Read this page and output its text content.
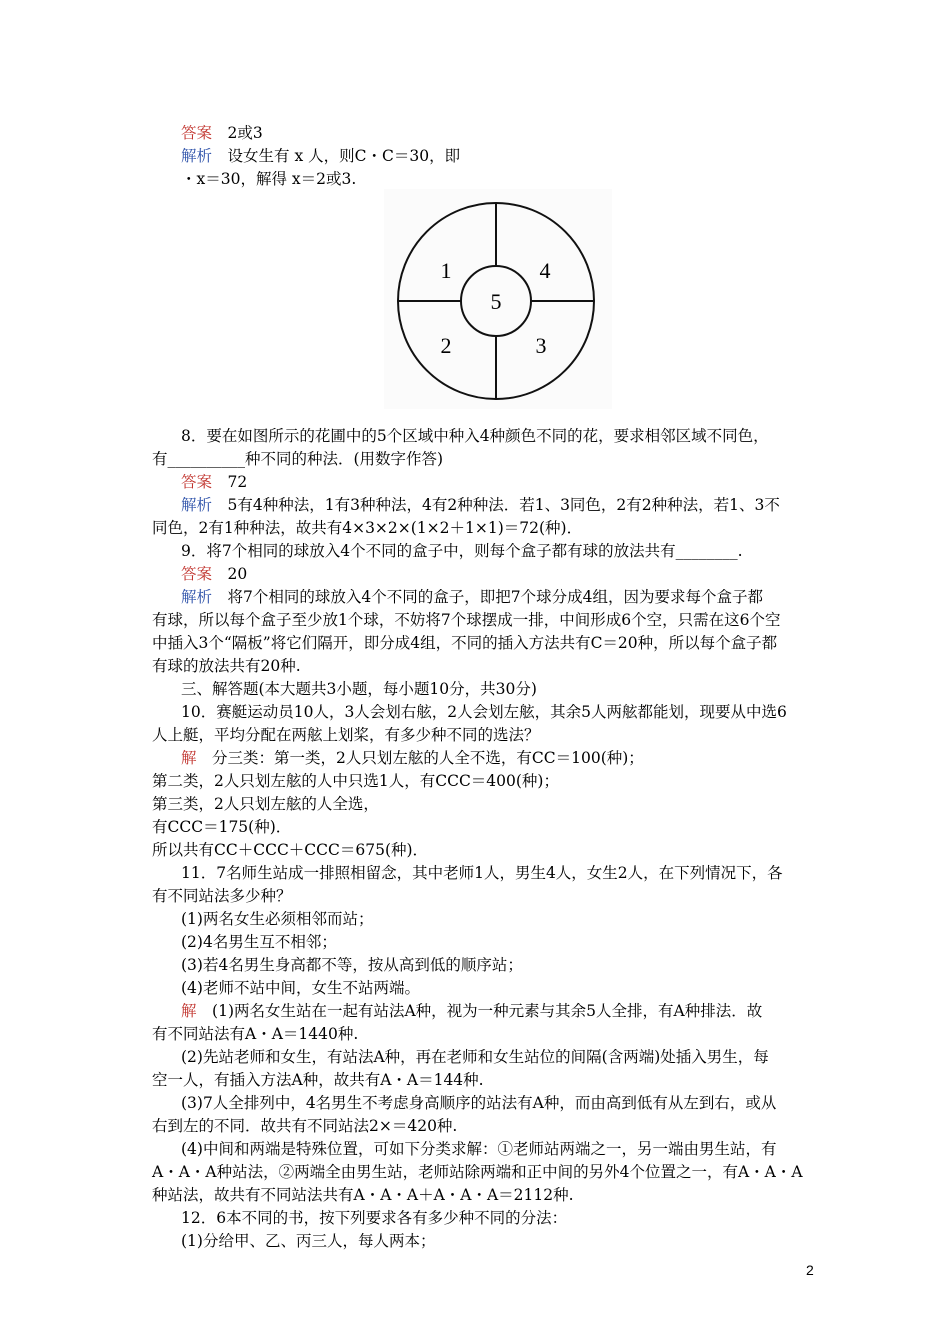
答案　 2或3
解析　 设女生有 x 人，则C・C＝30，即
・x＝30，解得 x＝2或3.
1	4
5
2	3
8．要在如图所示的花圃中的5个区域中种入4种颜色不同的花，要求相邻区域不同色，
有__________种不同的种法．(用数字作答)
答案　 72
解析　 5有4种种法，1有3种种法，4有2种种法．若1、3同色，2有2种种法，若1、3不
同色，2有1种种法，故共有4×3×2×(1×2＋1×1)＝72(种)．
9．将7个相同的球放入4个不同的盒子中，则每个盒子都有球的放法共有________.
答案　 20
解析　 将7个相同的球放入4个不同的盒子，即把7个球分成4组，因为要求每个盒子都
有球，所以每个盒子至少放1个球，不妨将7个球摆成一排，中间形成6个空，只需在这6个空
中插入3个“隔板”将它们隔开，即分成4组，不同的插入方法共有C＝20种，所以每个盒子都
有球的放法共有20种.
三、解答题(本大题共3小题，每小题10分，共30分)
10．赛艇运动员10人，3人会划右舷，2人会划左舷，其余5人两舷都能划，现要从中选6
人上艇，平均分配在两舷上划桨，有多少种不同的选法？
解　 分三类：第一类，2人只划左舷的人全不选，有CC＝100(种)；
第二类，2人只划左舷的人中只选1人，有CCC＝400(种)；
第三类，2人只划左舷的人全选，
有CCC＝175(种)．
所以共有CC＋CCC＋CCC＝675(种)．
11．7名师生站成一排照相留念，其中老师1人，男生4人，女生2人，在下列情况下，各
有不同站法多少种？
(1)两名女生必须相邻而站；
(2)4名男生互不相邻；
(3)若4名男生身高都不等，按从高到低的顺序站；
(4)老师不站中间，女生不站两端。
解　 (1)两名女生站在一起有站法A种，视为一种元素与其余5人全排，有A种排法．故
有不同站法有A・A＝1440种.
(2)先站老师和女生，有站法A种，再在老师和女生站位的间隔(含两端)处插入男生，每
空一人，有插入方法A种，故共有A・A＝144种.
(3)7人全排列中，4名男生不考虑身高顺序的站法有A种，而由高到低有从左到右，或从
右到左的不同．故共有不同站法2×＝420种.
(4)中间和两端是特殊位置，可如下分类求解：①老师站两端之一，另一端由男生站，有
A・A・A种站法，②两端全由男生站，老师站除两端和正中间的另外4个位置之一，有A・A・A
种站法，故共有不同站法共有A・A・A＋A・A・A＝2112种.
12．6本不同的书，按下列要求各有多少种不同的分法：
(1)分给甲、乙、丙三人，每人两本；
2
